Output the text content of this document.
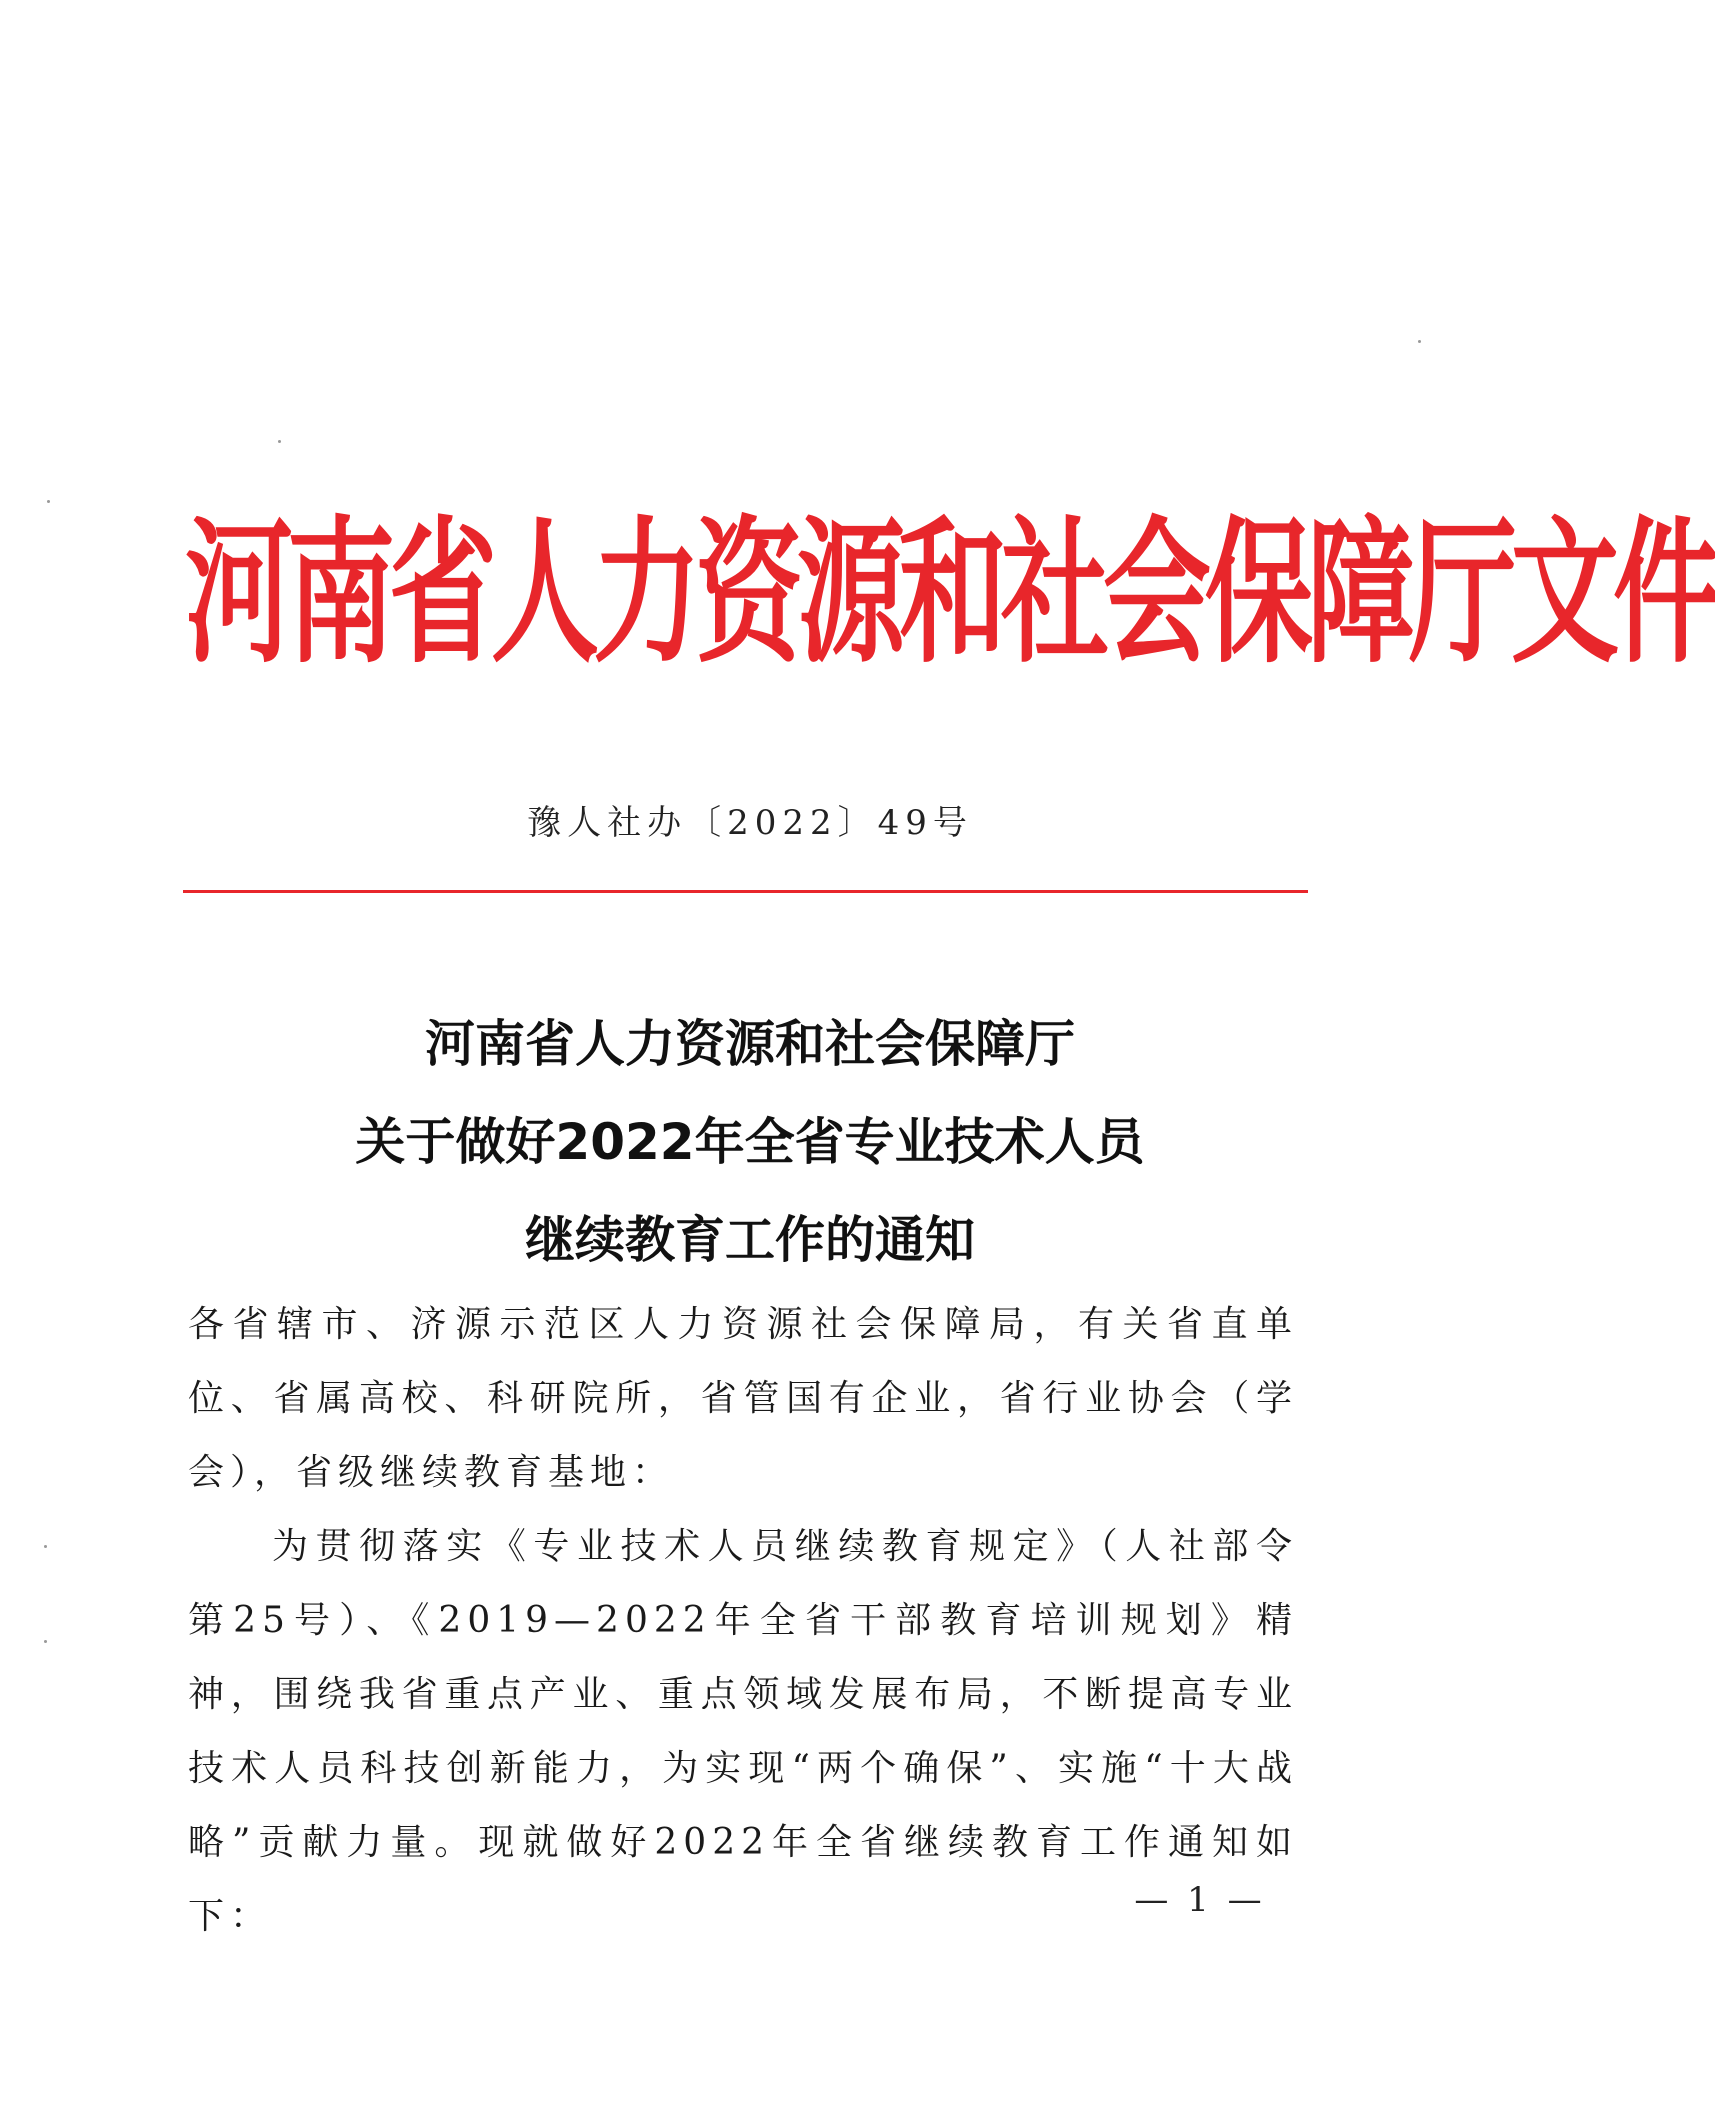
河南省人力资源和社会保障厅文件
豫人社办〔2022〕49号
河南省人力资源和社会保障厅
关于做好2022年全省专业技术人员
继续教育工作的通知

各省辖市、济源示范区人力资源社会保障局，有关省直单位、省属高校、科研院所，省管国有企业，省行业协会（学会），省级继续教育基地：

为贯彻落实《专业技术人员继续教育规定》（人社部令第25号）、《2019—2022年全省干部教育培训规划》精神，围绕我省重点产业、重点领域发展布局，不断提高专业技术人员科技创新能力，为实现“两个确保”、实施“十大战略”贡献力量。现就做好2022年全省继续教育工作通知如下：	— 1 —
